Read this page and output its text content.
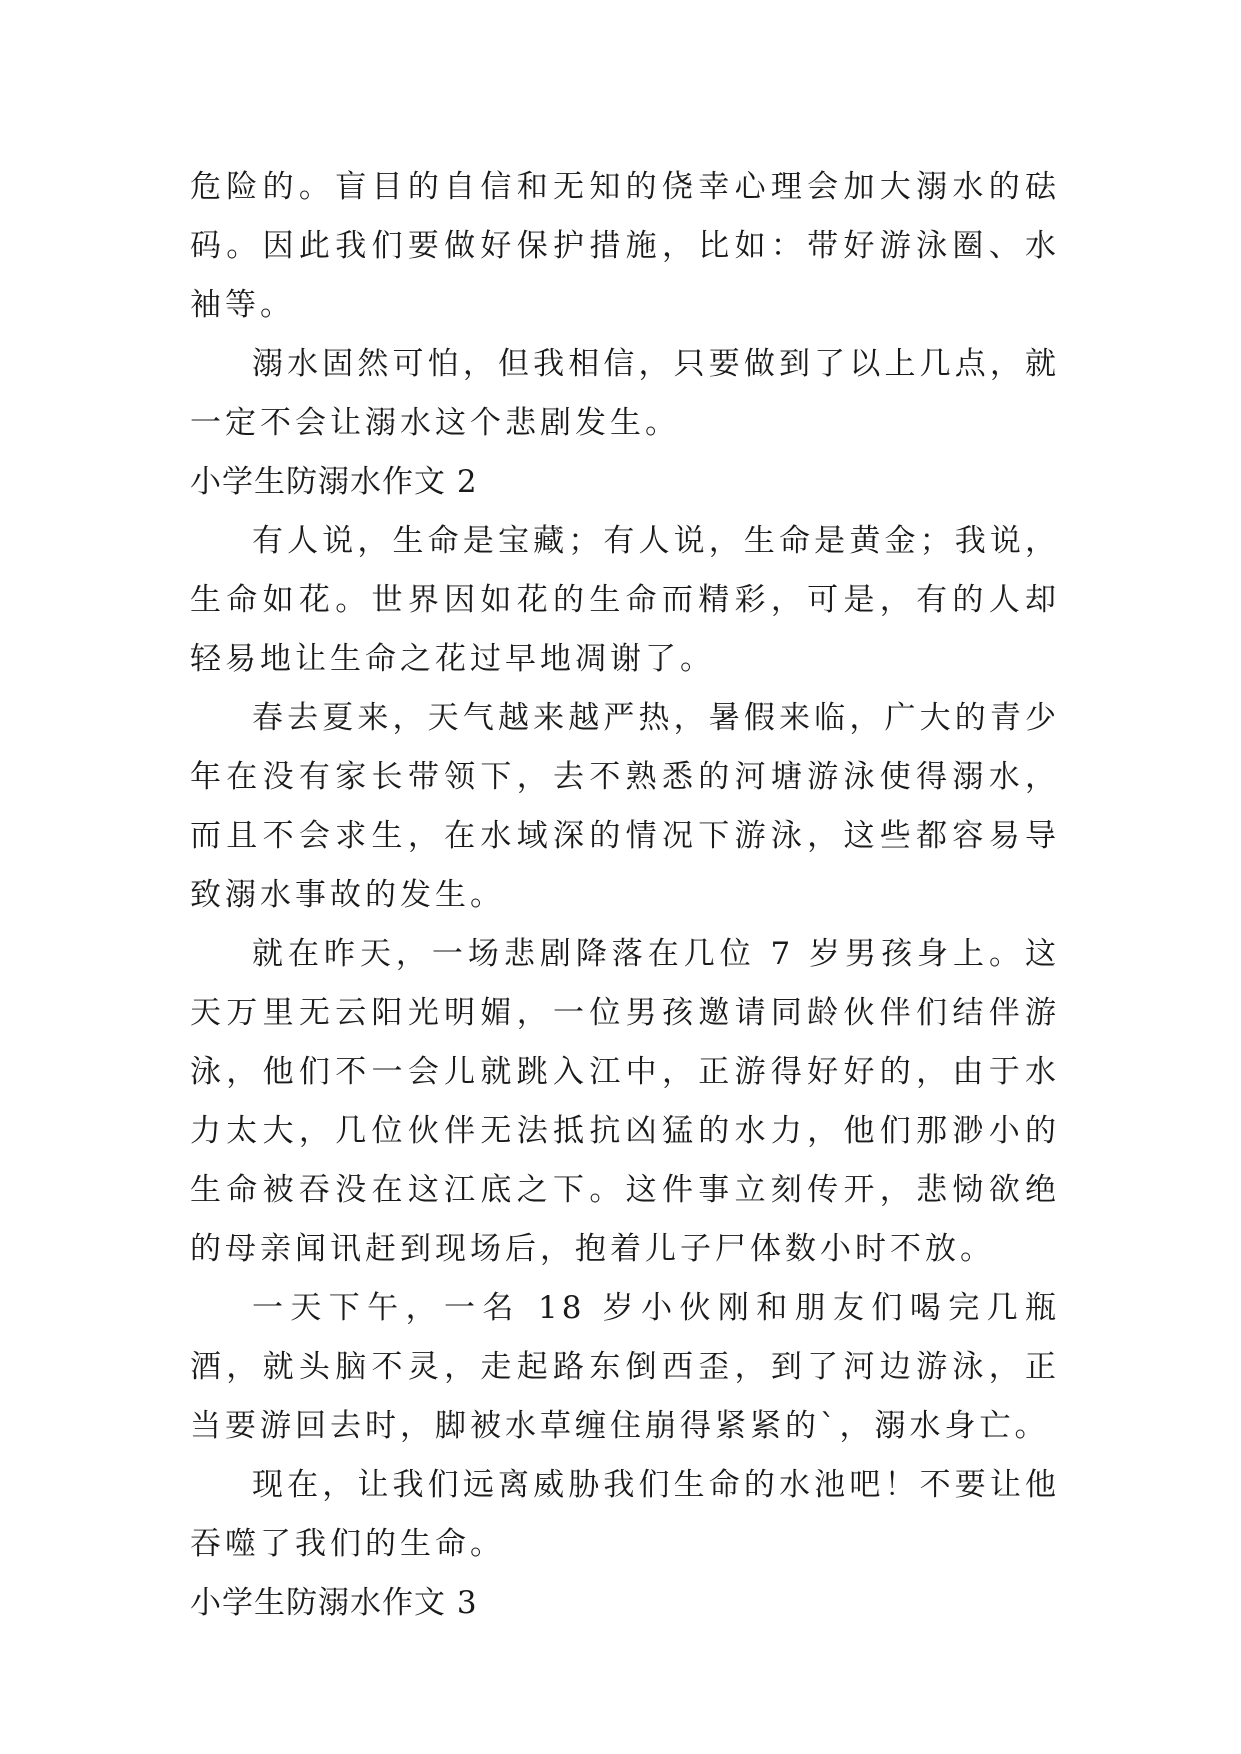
危险的。盲目的自信和无知的侥幸心理会加大溺水的砝码。因此我们要做好保护措施，比如：带好游泳圈、水袖等。

溺水固然可怕，但我相信，只要做到了以上几点，就一定不会让溺水这个悲剧发生。

小学生防溺水作文 2

有人说，生命是宝藏；有人说，生命是黄金；我说，生命如花。世界因如花的生命而精彩，可是，有的人却轻易地让生命之花过早地凋谢了。

春去夏来，天气越来越严热，暑假来临，广大的青少年在没有家长带领下，去不熟悉的河塘游泳使得溺水，而且不会求生，在水域深的情况下游泳，这些都容易导致溺水事故的发生。

就在昨天，一场悲剧降落在几位 7 岁男孩身上。这天万里无云阳光明媚，一位男孩邀请同龄伙伴们结伴游泳，他们不一会儿就跳入江中，正游得好好的，由于水力太大，几位伙伴无法抵抗凶猛的水力，他们那渺小的生命被吞没在这江底之下。这件事立刻传开，悲恸欲绝的母亲闻讯赶到现场后，抱着儿子尸体数小时不放。

一天下午，一名 18 岁小伙刚和朋友们喝完几瓶酒，就头脑不灵，走起路东倒西歪，到了河边游泳，正当要游回去时，脚被水草缠住崩得紧紧的`，溺水身亡。

现在，让我们远离威胁我们生命的水池吧！不要让他吞噬了我们的生命。

小学生防溺水作文 3
